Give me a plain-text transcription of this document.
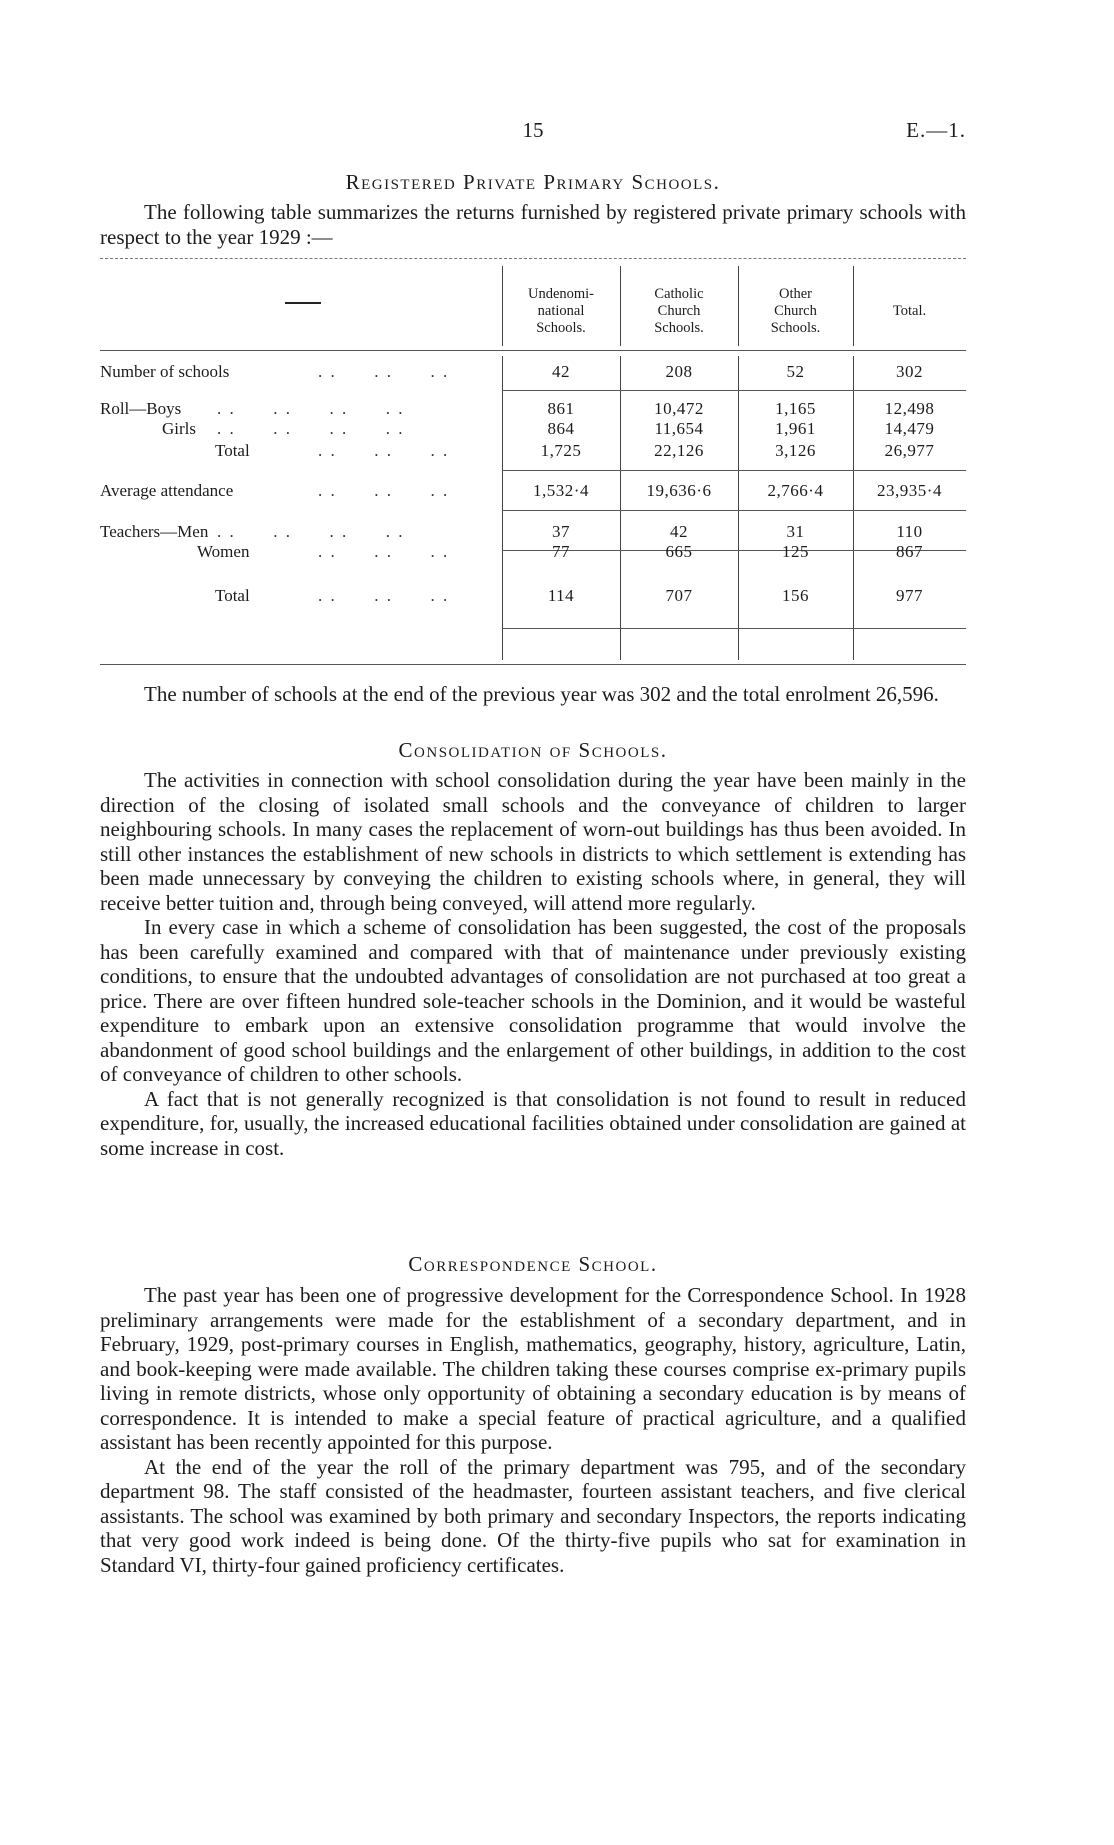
15	E.—1.
Registered Private Primary Schools.

The following table summarizes the returns furnished by registered private primary schools with respect to the year 1929 :—

Undenomi-
national
Schools.
Catholic
Church
Schools.
Other
Church
Schools.
Total.
Number of schools	. .      . .      . .	42	208	52	302
Roll—Boys . .      . .      . .      . .	861	10,472	1,165	12,498
Girls . .      . .      . .      . .	864	11,654	1,961	14,479
Total	. .      . .      . .	1,725	22,126	3,126	26,977
Average attendance	. .      . .      . .	1,532·4	19,636·6	2,766·4	23,935·4
Teachers—Men . .      . .      . .      . .	37	42	31	110
Women	. .      . .      . .	77	665	125	867
Total	. .      . .      . .	114	707	156	977

The number of schools at the end of the previous year was 302 and the total enrolment 26,596.

Consolidation of Schools.

The activities in connection with school consolidation during the year have been mainly in the direction of the closing of isolated small schools and the conveyance of children to larger neighbouring schools. In many cases the replacement of worn-out buildings has thus been avoided. In still other instances the establishment of new schools in districts to which settlement is extending has been made unnecessary by conveying the children to existing schools where, in general, they will receive better tuition and, through being conveyed, will attend more regularly.

In every case in which a scheme of consolidation has been suggested, the cost of the proposals has been carefully examined and compared with that of maintenance under previously existing conditions, to ensure that the undoubted advantages of consolidation are not purchased at too great a price. There are over fifteen hundred sole-teacher schools in the Dominion, and it would be wasteful expenditure to embark upon an extensive consolidation programme that would involve the abandonment of good school buildings and the enlargement of other buildings, in addition to the cost of conveyance of children to other schools.

A fact that is not generally recognized is that consolidation is not found to result in reduced expenditure, for, usually, the increased educational facilities obtained under consolidation are gained at some increase in cost.

Correspondence School.

The past year has been one of progressive development for the Correspondence School. In 1928 preliminary arrangements were made for the establishment of a secondary department, and in February, 1929, post-primary courses in English, mathematics, geography, history, agriculture, Latin, and book-keeping were made available. The children taking these courses comprise ex-primary pupils living in remote districts, whose only opportunity of obtaining a secondary education is by means of correspondence. It is intended to make a special feature of practical agriculture, and a qualified assistant has been recently appointed for this purpose.

At the end of the year the roll of the primary department was 795, and of the secondary department 98. The staff consisted of the headmaster, fourteen assistant teachers, and five clerical assistants. The school was examined by both primary and secondary Inspectors, the reports indicating that very good work indeed is being done. Of the thirty-five pupils who sat for examination in Standard VI, thirty-four gained proficiency certificates.
